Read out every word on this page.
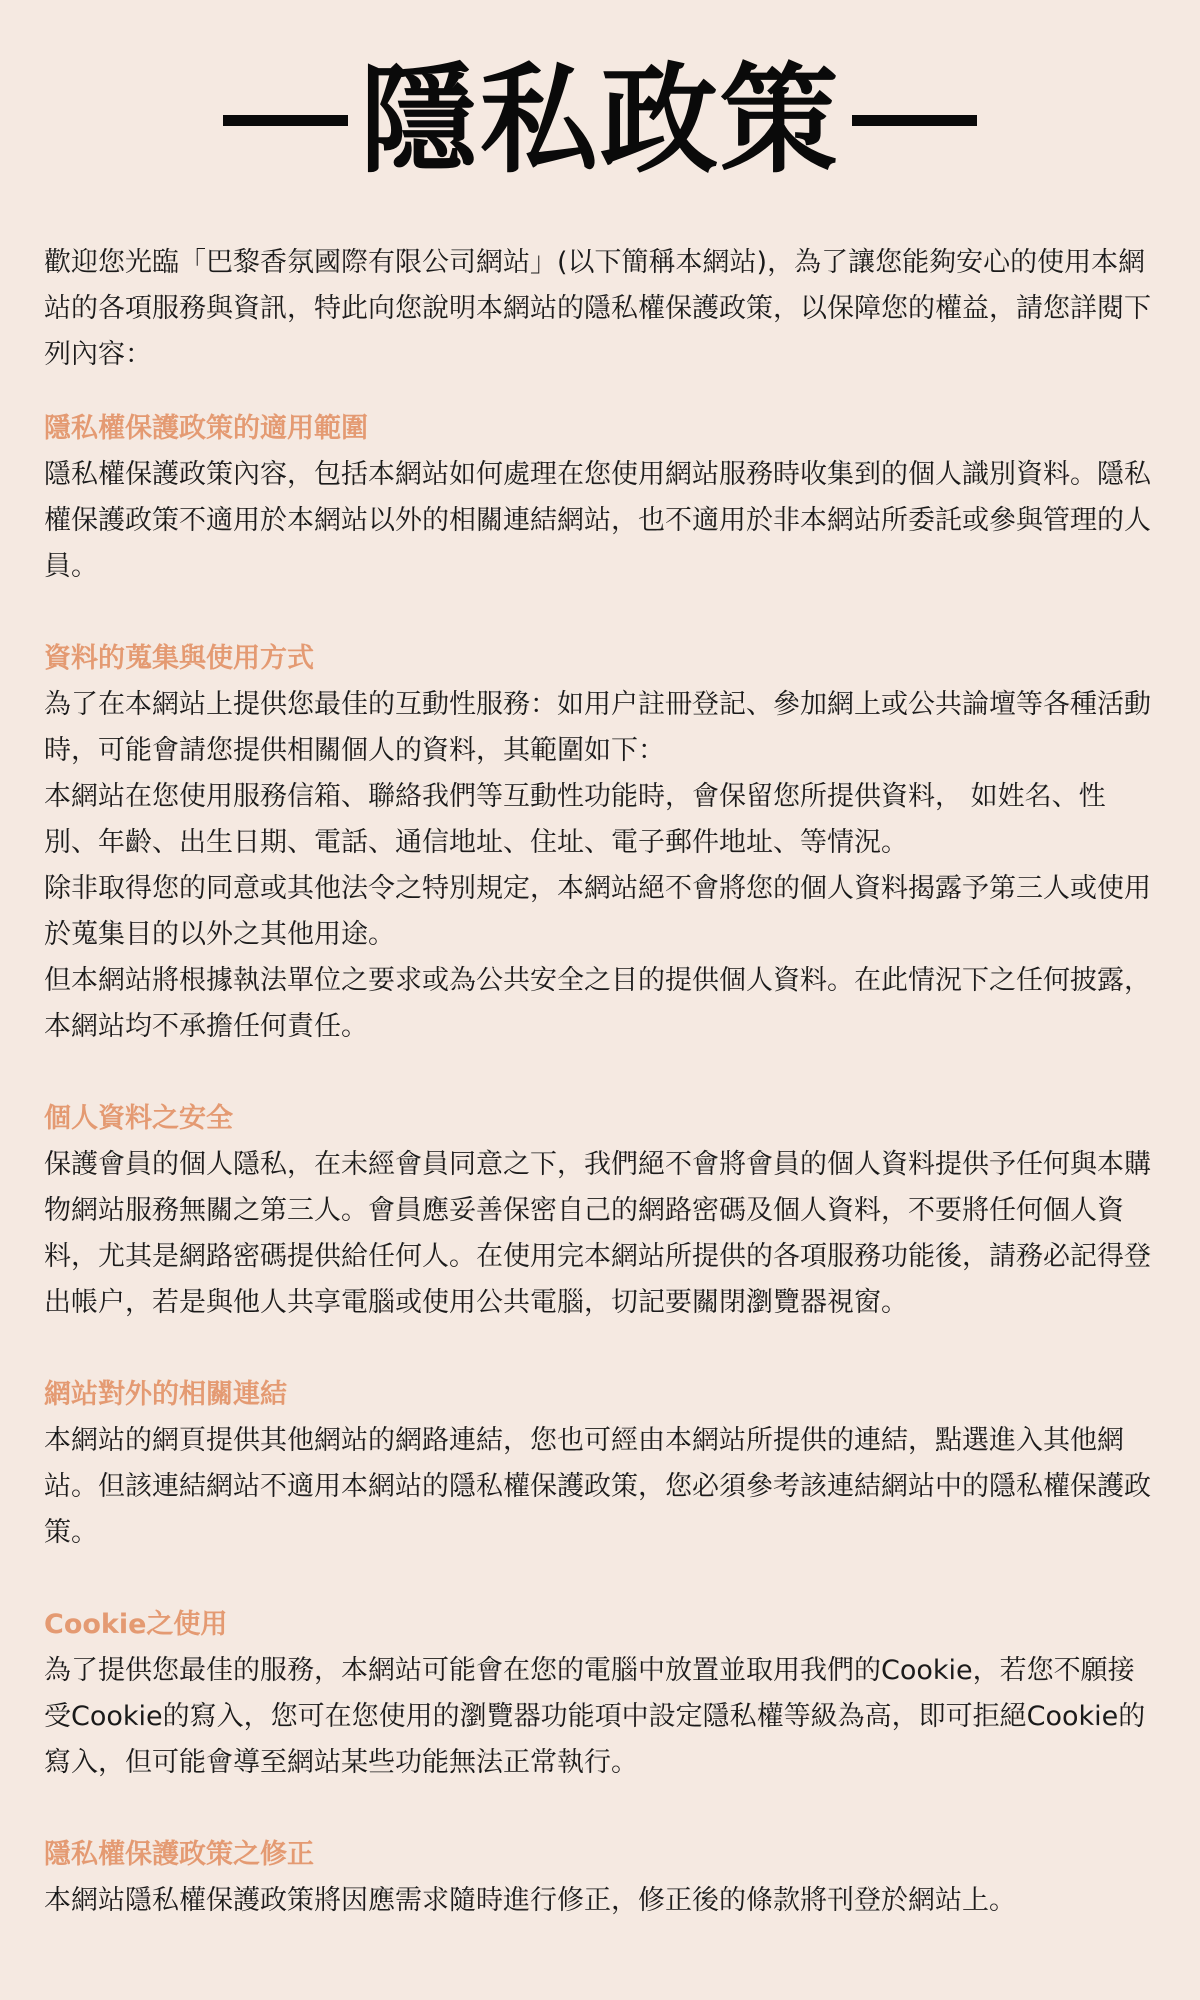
隱私政策

歡迎您光臨「巴黎香氛國際有限公司網站」(以下簡稱本網站)，為了讓您能夠安心的使用本網站的各項服務與資訊，特此向您說明本網站的隱私權保護政策，以保障您的權益，請您詳閱下列內容：

隱私權保護政策的適用範圍

隱私權保護政策內容，包括本網站如何處理在您使用網站服務時收集到的個人識別資料。隱私權保護政策不適用於本網站以外的相關連結網站，也不適用於非本網站所委託或參與管理的人員。

資料的蒐集與使用方式

為了在本網站上提供您最佳的互動性服務：如用户註冊登記、參加網上或公共論壇等各種活動時，可能會請您提供相關個人的資料，其範圍如下：

本網站在您使用服務信箱、聯絡我們等互動性功能時，會保留您所提供資料， 如姓名、性別、年齡、出生日期、電話、通信地址、住址、電子郵件地址、等情況。

除非取得您的同意或其他法令之特別規定，本網站絕不會將您的個人資料揭露予第三人或使用於蒐集目的以外之其他用途。

但本網站將根據執法單位之要求或為公共安全之目的提供個人資料。在此情況下之任何披露，本網站均不承擔任何責任。

個人資料之安全

保護會員的個人隱私，在未經會員同意之下，我們絕不會將會員的個人資料提供予任何與本購物網站服務無關之第三人。會員應妥善保密自己的網路密碼及個人資料，不要將任何個人資料，尤其是網路密碼提供給任何人。在使用完本網站所提供的各項服務功能後，請務必記得登出帳户，若是與他人共享電腦或使用公共電腦，切記要關閉瀏覽器視窗。

網站對外的相關連結

本網站的網頁提供其他網站的網路連結，您也可經由本網站所提供的連結，點選進入其他網站。但該連結網站不適用本網站的隱私權保護政策，您必須參考該連結網站中的隱私權保護政策。

Cookie之使用

為了提供您最佳的服務，本網站可能會在您的電腦中放置並取用我們的Cookie，若您不願接受Cookie的寫入，您可在您使用的瀏覽器功能項中設定隱私權等級為高，即可拒絕Cookie的寫入，但可能會導至網站某些功能無法正常執行。

隱私權保護政策之修正

本網站隱私權保護政策將因應需求隨時進行修正，修正後的條款將刊登於網站上。
